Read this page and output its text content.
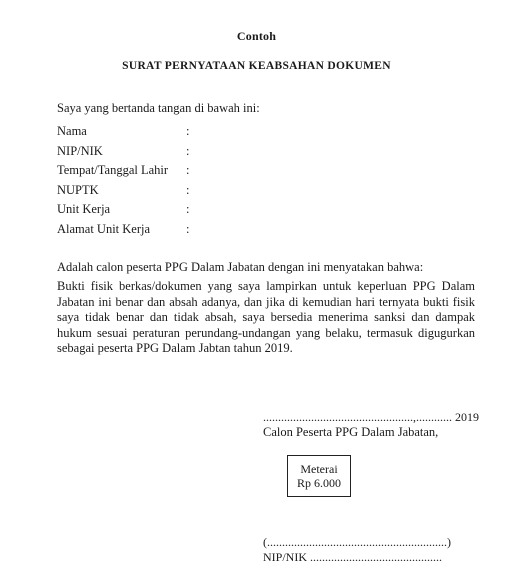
Contoh
SURAT PERNYATAAN KEABSAHAN DOKUMEN
Saya yang bertanda tangan di bawah ini:
Nama	:
NIP/NIK	:
Tempat/Tanggal Lahir :
NUPTK	:
Unit Kerja	:
Alamat Unit Kerja	:
Adalah calon peserta PPG Dalam Jabatan dengan ini menyatakan bahwa:
Bukti fisik berkas/dokumen yang saya lampirkan untuk keperluan PPG Dalam Jabatan ini benar dan absah adanya, dan jika di kemudian hari ternyata bukti fisik saya tidak benar dan tidak absah, saya bersedia menerima sanksi dan dampak hukum sesuai peraturan perundang-undangan yang belaku, termasuk digugurkan sebagai peserta PPG Dalam Jabtan tahun 2019.
..................................................,............ 2019
Calon Peserta PPG Dalam Jabatan,
Meterai
Rp 6.000
(............................................................)
NIP/NIK ............................................
